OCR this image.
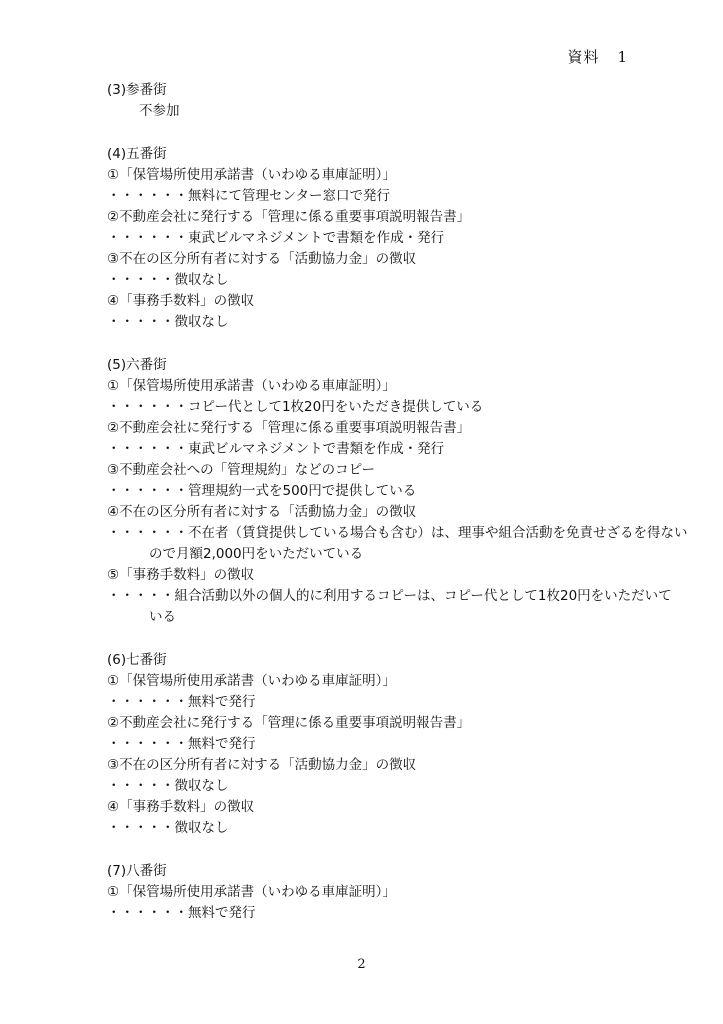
資料 1
(3)参番街
不参加
(4)五番街
①「保管場所使用承諾書（いわゆる車庫証明）」
・・・・・・無料にて管理センター窓口で発行
②不動産会社に発行する「管理に係る重要事項説明報告書」
・・・・・・東武ビルマネジメントで書類を作成・発行
③不在の区分所有者に対する「活動協力金」の徴収
・・・・・徴収なし
④「事務手数料」の徴収
・・・・・徴収なし
(5)六番街
①「保管場所使用承諾書（いわゆる車庫証明）」
・・・・・・コピー代として1枚20円をいただき提供している
②不動産会社に発行する「管理に係る重要事項説明報告書」
・・・・・・東武ビルマネジメントで書類を作成・発行
③不動産会社への「管理規約」などのコピー
・・・・・・管理規約一式を500円で提供している
④不在の区分所有者に対する「活動協力金」の徴収
・・・・・・不在者（賃貸提供している場合も含む）は、理事や組合活動を免責せざるを得ない
ので月額2,000円をいただいている
⑤「事務手数料」の徴収
・・・・・組合活動以外の個人的に利用するコピーは、コピー代として1枚20円をいただいて
いる
(6)七番街
①「保管場所使用承諾書（いわゆる車庫証明）」
・・・・・・無料で発行
②不動産会社に発行する「管理に係る重要事項説明報告書」
・・・・・・無料で発行
③不在の区分所有者に対する「活動協力金」の徴収
・・・・・徴収なし
④「事務手数料」の徴収
・・・・・徴収なし
(7)八番街
①「保管場所使用承諾書（いわゆる車庫証明）」
・・・・・・無料で発行
2
